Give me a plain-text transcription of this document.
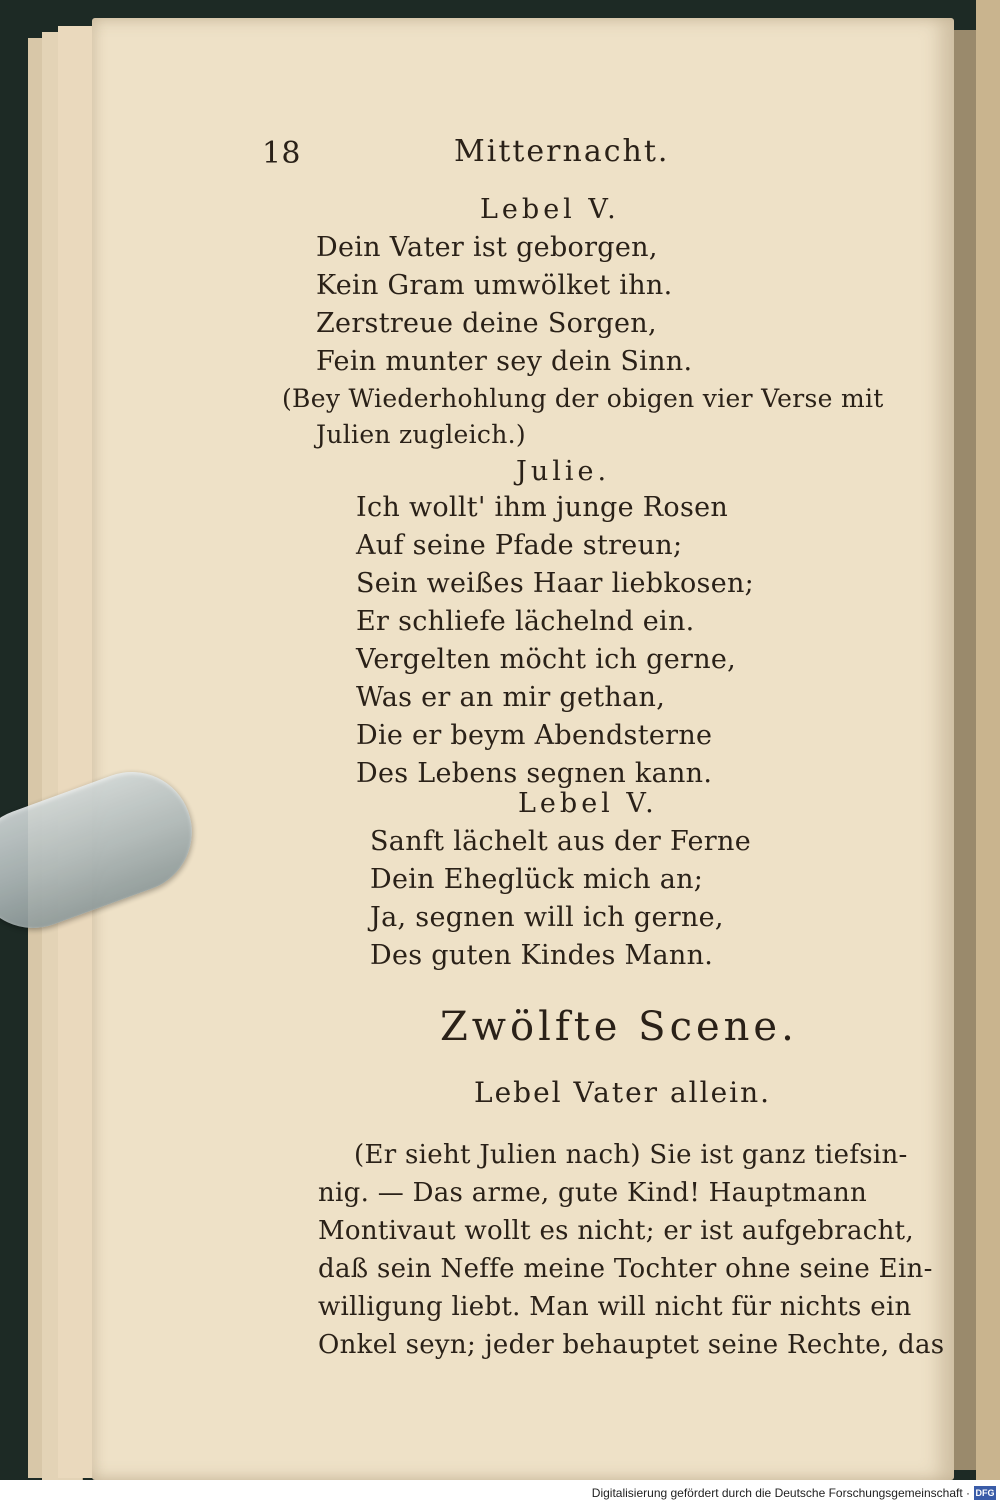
18	Mitternacht.
Lebel V.
Dein Vater ist geborgen,
Kein Gram umwölket ihn.
Zerstreue deine Sorgen,
Fein munter sey dein Sinn.
(Bey Wiederhohlung der obigen vier Verse mit
Julien zugleich.)
Julie.
Ich wollt' ihm junge Rosen
Auf seine Pfade streun;
Sein weißes Haar liebkosen;
Er schliefe lächelnd ein.
Vergelten möcht ich gerne,
Was er an mir gethan,
Die er beym Abendsterne
Des Lebens segnen kann.
Lebel V.
Sanft lächelt aus der Ferne
Dein Ehеglück mich an;
Ja, segnen will ich gerne,
Des guten Kindes Mann.
Zwölfte Scene.
Lebel Vater allein.
(Er sieht Julien nach) Sie ist ganz tiefsin-
nig. — Das arme, gute Kind! Hauptmann
Montivaut wollt es nicht; er ist aufgebracht,
daß sein Neffe meine Tochter ohne seine Ein-
willigung liebt. Man will nicht für nichts ein
Onkel seyn; jeder behauptet seine Rechte, das
Digitalisierung gefördert durch die Deutsche Forschungsgemeinschaft · DFG
